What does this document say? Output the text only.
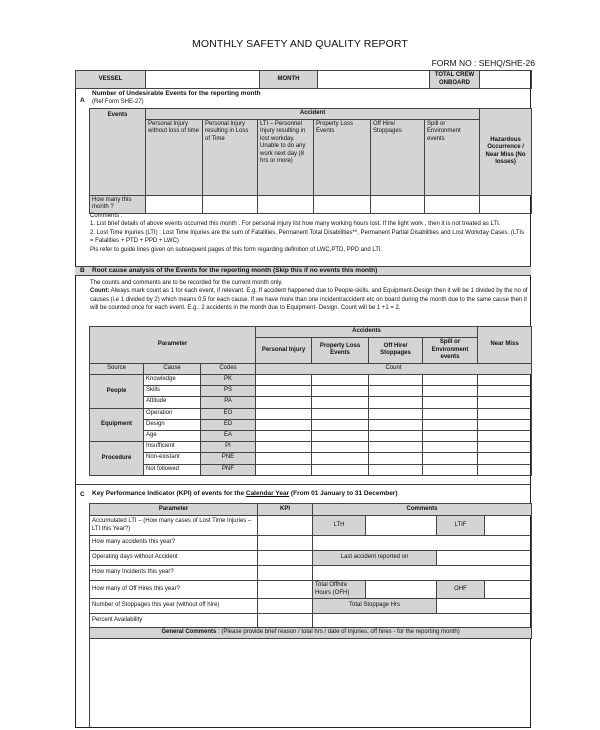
MONTHLY SAFETY AND QUALITY REPORT
FORM NO : SEHQ/SHE-26
VESSEL		MONTH		TOTAL CREW ONBOARD	
A
Number of Undesirable Events for the reporting month
(Ref Form SHE-27)
Events	Accident						Hazardous Occurrence / Near Miss (No losses)
	Personal Injury without loss of time	Personal Injury resulting in Loss of Time	LTI – Personnel Injury resulting in lost workday. Unable to do any work next day (8 hrs or more)	Property Loss Events	Off Hire/ Stoppages	Spill or Environment events	
How many this month ?							
Comments :
1. List brief details of above events occurred this month . For personal injury list how many working hours lost. If the light work , then it is not treated as LTI.
2. Lost Time Injuries (LTI) : Lost Time Injuries are the sum of Fatalities, Permanent Total Disabilities**, Permanent Partial Disabilities and Lost Workday Cases. (LTIs = Fatalities + PTD + PPD + LWC)
Pls refer to guide lines given on subsequent pages of this form regarding definition of LWC,PTD, PPD and LTI.
B Root cause analysis of the Events for the reporting month (Skip this if no events this month)
The counts and comments are to be recorded for the current month only.
Count: Always mark count as 1 for each event, if relevant. E.g. If accident happened due to People-skills, and Equipment-Design then it will be 1 divided by the no of causes (i.e 1 divided by 2) which means 0.5 for each cause. If we have more than one incident/accident etc on board during the month due to the same cause then it will be counted once for each event. E.g.: 2 accidents in the month due to Equipment- Design. Count will be 1 +1 = 2.
Parameter			Accidents				Near Miss
			Personal Injury	Property Loss Events	Off Hire/ Stoppages	Spill or Environment events	
Source	Cause	Codes	Count				
People	Knowledge	PK					
	Skills	PS					
	Attitude	PA					
Equipment	Operation	EO					
	Design	ED					
	Age	EA					
Procedure	Insufficient	PI					
	Non-existant	PNE					
	Not followed	PNF					
C Key Performance Indicator (KPI) of events for the Calendar Year (From 01 January to 31 December)
Parameter	KPI	Comments			
Accumulated LTI – (How many cases of Lost Time Injuries – LTI this Year?)		LTH		LTIF	
How many accidents this year?					
Operating days without Accident		Last accident reported on			
How many Incidents this year?					
How many of Off Hires this year?		Total Offhire Hours (OFH)		OHF	
Number of Stoppages this year (without off hire)		Total Stoppage Hrs			
Percent Availability					
General Comments : (Please provide brief reason / total hrs / date of Injuries, off hires - for the reporting month)					
